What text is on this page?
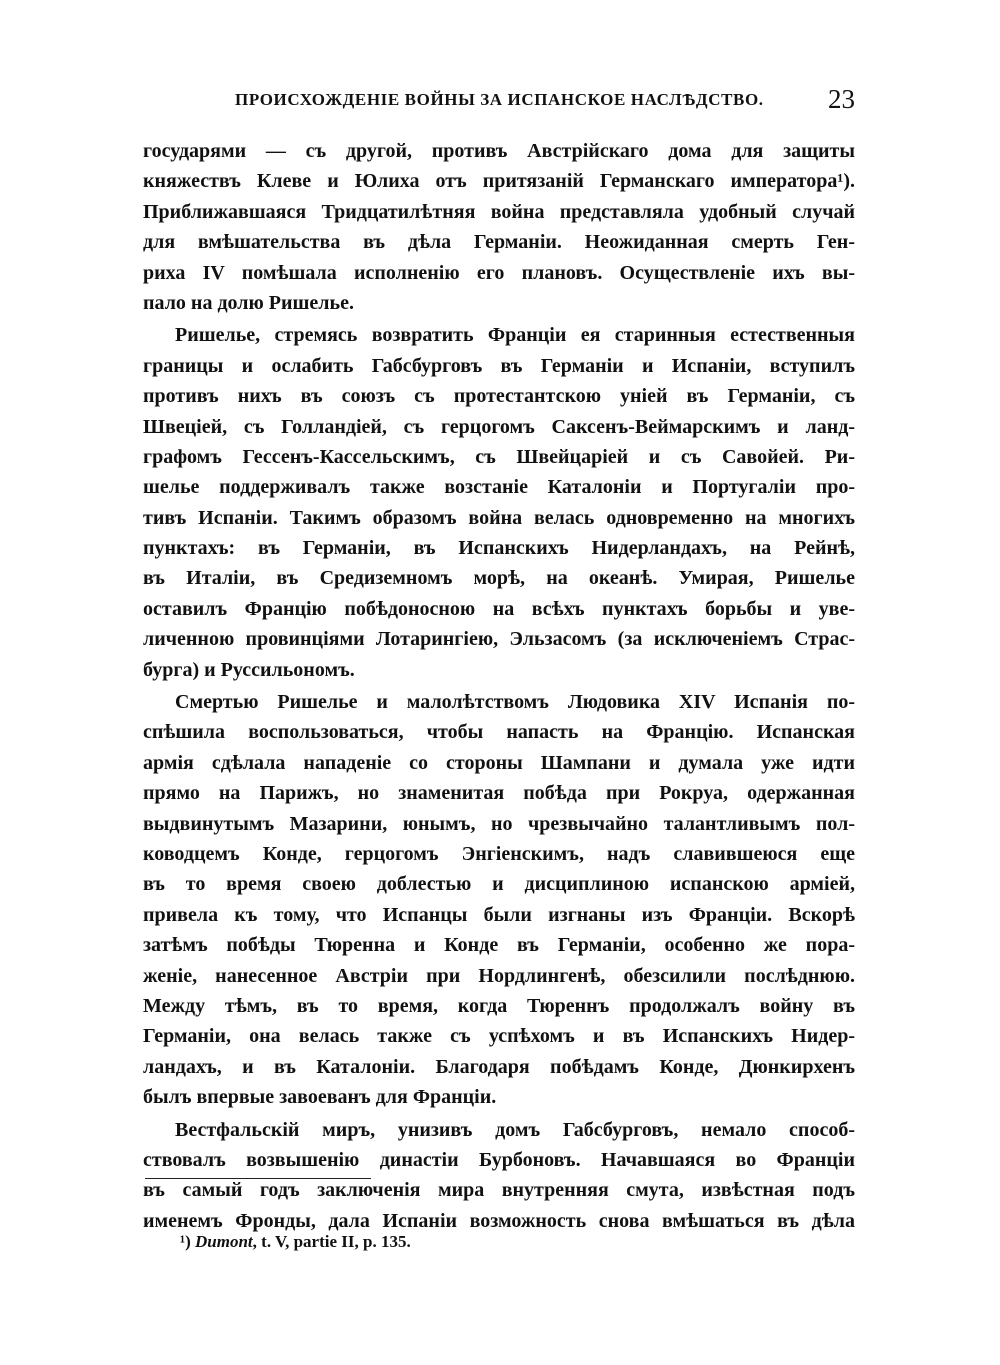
ПРОИСХОЖДЕНІЕ ВОЙНЫ ЗА ИСПАНСКОЕ НАСЛѢДСТВО. 23
государями — съ другой, противъ Австрійскаго дома для защиты
княжествъ Клеве и Юлиха отъ притязаній Германскаго императора¹).
Приближавшаяся Тридцатилѣтняя война представляла удобный случай
для вмѣшательства въ дѣла Германіи. Неожиданная смерть Ген-
риха IV помѣшала исполненію его плановъ. Осуществленіе ихъ вы-
пало на долю Ришелье.
Ришелье, стремясь возвратить Франціи ея старинныя естественныя
границы и ослабить Габсбурговъ въ Германіи и Испаніи, вступилъ
противъ нихъ въ союзъ съ протестантскою уніей въ Германіи, съ
Швеціей, съ Голландіей, съ герцогомъ Саксенъ-Веймарскимъ и ланд-
графомъ Гессенъ-Кассельскимъ, съ Швейцаріей и съ Савойей. Ри-
шелье поддерживалъ также возстаніе Каталоніи и Португаліи про-
тивъ Испаніи. Такимъ образомъ война велась одновременно на многихъ
пунктахъ: въ Германіи, въ Испанскихъ Нидерландахъ, на Рейнѣ,
въ Италіи, въ Средиземномъ морѣ, на океанѣ. Умирая, Ришелье
оставилъ Францію побѣдоносною на всѣхъ пунктахъ борьбы и уве-
личенною провинціями Лотарингіею, Эльзасомъ (за исключеніемъ Страс-
бурга) и Руссильономъ.
Смертью Ришелье и малолѣтствомъ Людовика XIV Испанія по-
спѣшила воспользоваться, чтобы напасть на Францію. Испанская
армія сдѣлала нападеніе со стороны Шампани и думала уже идти
прямо на Парижъ, но знаменитая побѣда при Рокруа, одержанная
выдвинутымъ Мазарини, юнымъ, но чрезвычайно талантливымъ пол-
ководцемъ Конде, герцогомъ Энгіенскимъ, надъ славившеюся еще
въ то время своею доблестью и дисциплиною испанскою арміей,
привела къ тому, что Испанцы были изгнаны изъ Франціи. Вскорѣ
затѣмъ побѣды Тюренна и Конде въ Германіи, особенно же пора-
женіе, нанесенное Австріи при Нордлингенѣ, обезсилили послѣднюю.
Между тѣмъ, въ то время, когда Тюреннъ продолжалъ войну въ
Германіи, она велась также съ успѣхомъ и въ Испанскихъ Нидер-
ландахъ, и въ Каталоніи. Благодаря побѣдамъ Конде, Дюнкирхенъ
былъ впервые завоеванъ для Франціи.
Вестфальскій миръ, унизивъ домъ Габсбурговъ, немало способ-
ствовалъ возвышенію династіи Бурбоновъ. Начавшаяся во Франціи
въ самый годъ заключенія мира внутренняя смута, извѣстная подъ
именемъ Фронды, дала Испаніи возможность снова вмѣшаться въ дѣла
¹) Dumont, t. V, partie II, p. 135.
